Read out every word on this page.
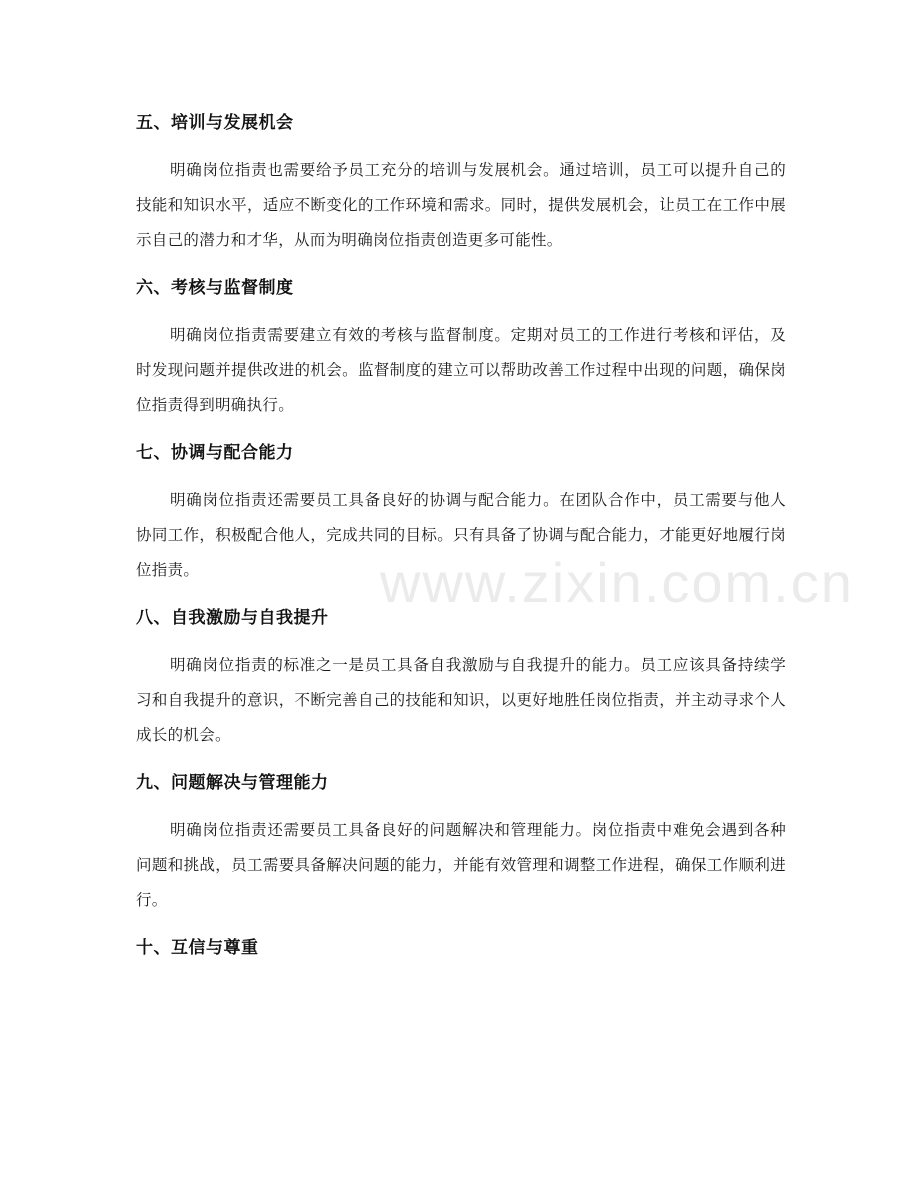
五、培训与发展机会

明确岗位指责也需要给予员工充分的培训与发展机会。通过培训，员工可以提升自己的技能和知识水平，适应不断变化的工作环境和需求。同时，提供发展机会，让员工在工作中展示自己的潜力和才华，从而为明确岗位指责创造更多可能性。

六、考核与监督制度

明确岗位指责需要建立有效的考核与监督制度。定期对员工的工作进行考核和评估，及时发现问题并提供改进的机会。监督制度的建立可以帮助改善工作过程中出现的问题，确保岗位指责得到明确执行。

七、协调与配合能力

明确岗位指责还需要员工具备良好的协调与配合能力。在团队合作中，员工需要与他人协同工作，积极配合他人，完成共同的目标。只有具备了协调与配合能力，才能更好地履行岗位指责。

八、自我激励与自我提升

明确岗位指责的标准之一是员工具备自我激励与自我提升的能力。员工应该具备持续学习和自我提升的意识，不断完善自己的技能和知识，以更好地胜任岗位指责，并主动寻求个人成长的机会。

九、问题解决与管理能力

明确岗位指责还需要员工具备良好的问题解决和管理能力。岗位指责中难免会遇到各种问题和挑战，员工需要具备解决问题的能力，并能有效管理和调整工作进程，确保工作顺利进行。

十、互信与尊重
www.zixin.com.cn
